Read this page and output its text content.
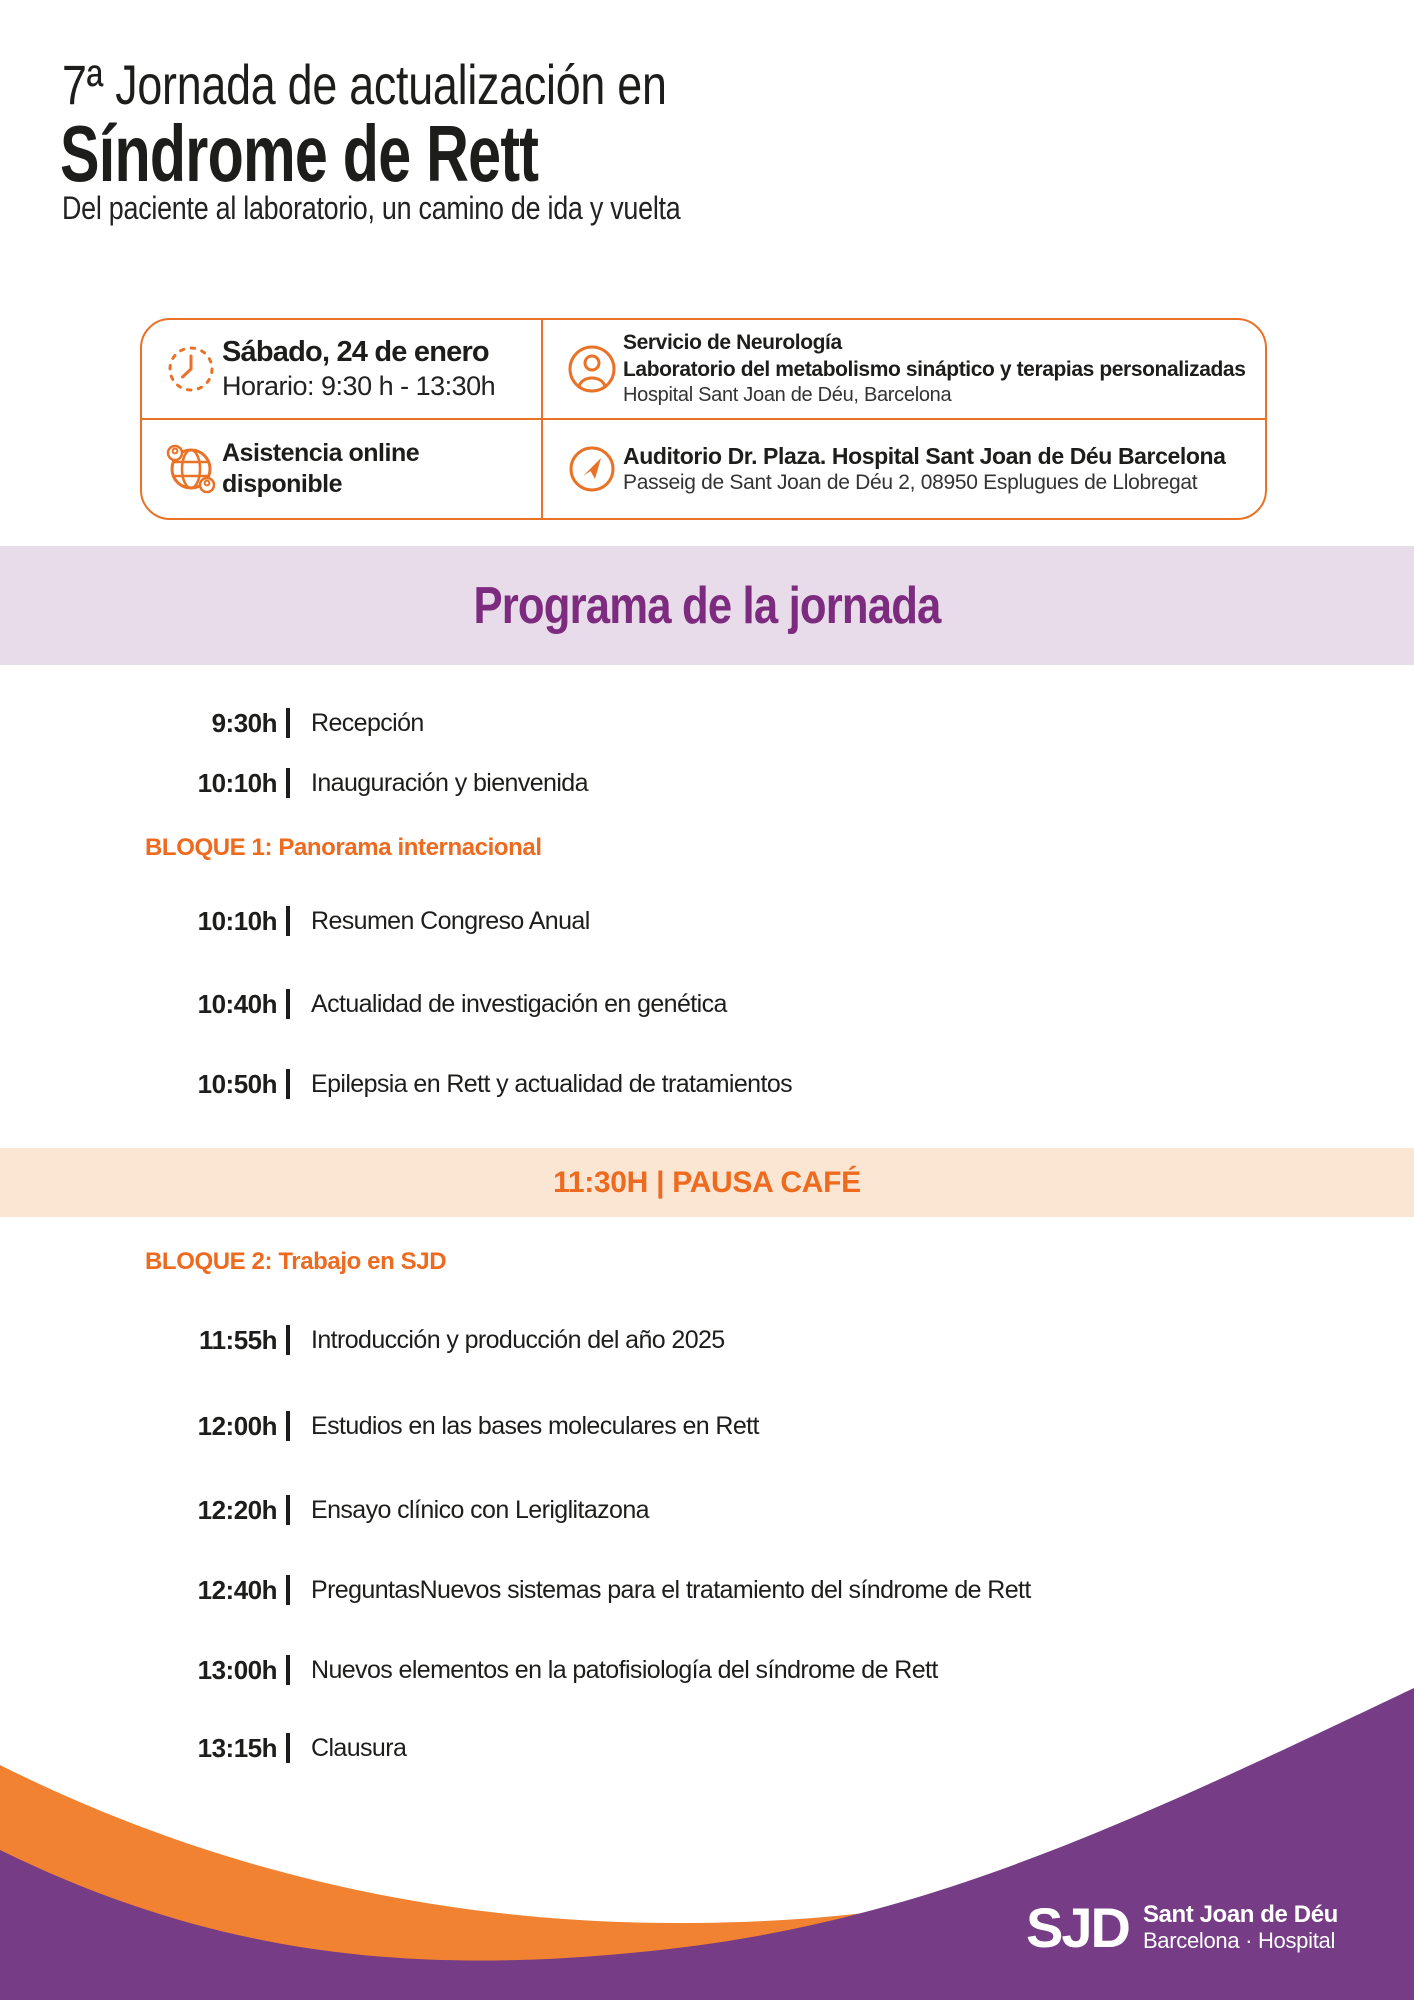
7ª Jornada de actualización en
Síndrome de Rett
Del paciente al laboratorio, un camino de ida y vuelta
Sábado, 24 de enero
Horario: 9:30 h - 13:30h
Servicio de Neurología
Laboratorio del metabolismo sináptico y terapias personalizadas
Hospital Sant Joan de Déu, Barcelona
Asistencia online disponible
Auditorio Dr. Plaza. Hospital Sant Joan de Déu Barcelona
Passeig de Sant Joan de Déu 2, 08950 Esplugues de Llobregat
Programa de la jornada
9:30h Recepción
10:10h Inauguración y bienvenida
BLOQUE 1: Panorama internacional
10:10h Resumen Congreso Anual
10:40h Actualidad de investigación en genética
10:50h Epilepsia en Rett y actualidad de tratamientos
11:30H | PAUSA CAFÉ
BLOQUE 2: Trabajo en SJD
11:55h Introducción y producción del año 2025
12:00h Estudios en las bases moleculares en Rett
12:20h Ensayo clínico con Leriglitazona
12:40h PreguntasNuevos sistemas para el tratamiento del síndrome de Rett
13:00h Nuevos elementos en la patofisiología del síndrome de Rett
13:15h Clausura
SJD Sant Joan de Déu
Barcelona · Hospital
